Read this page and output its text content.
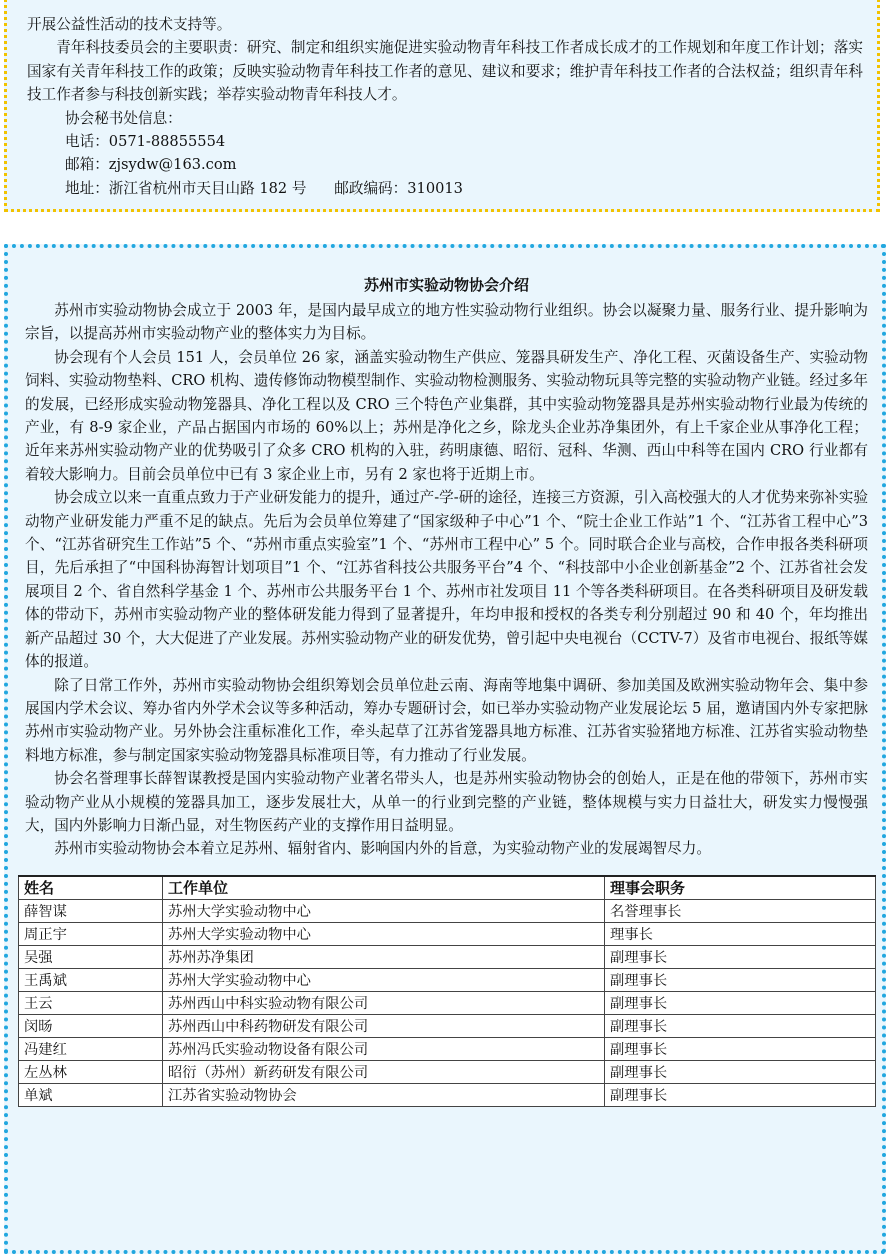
开展公益性活动的技术支持等。

青年科技委员会的主要职责：研究、制定和组织实施促进实验动物青年科技工作者成长成才的工作规划和年度工作计划；落实国家有关青年科技工作的政策；反映实验动物青年科技工作者的意见、建议和要求；维护青年科技工作者的合法权益；组织青年科技工作者参与科技创新实践；举荐实验动物青年科技人才。

协会秘书处信息：

电话：0571-88855554

邮箱：zjsydw@163.com

地址：浙江省杭州市天目山路 182 号      邮政编码：310013

苏州市实验动物协会介绍

苏州市实验动物协会成立于 2003 年，是国内最早成立的地方性实验动物行业组织。协会以凝聚力量、服务行业、提升影响为宗旨，以提高苏州市实验动物产业的整体实力为目标。

协会现有个人会员 151 人，会员单位 26 家，涵盖实验动物生产供应、笼器具研发生产、净化工程、灭菌设备生产、实验动物饲料、实验动物垫料、CRO 机构、遗传修饰动物模型制作、实验动物检测服务、实验动物玩具等完整的实验动物产业链。经过多年的发展，已经形成实验动物笼器具、净化工程以及 CRO 三个特色产业集群，其中实验动物笼器具是苏州实验动物行业最为传统的产业，有 8-9 家企业，产品占据国内市场的 60%以上；苏州是净化之乡，除龙头企业苏净集团外，有上千家企业从事净化工程；近年来苏州实验动物产业的优势吸引了众多 CRO 机构的入驻，药明康德、昭衍、冠科、华测、西山中科等在国内 CRO 行业都有着较大影响力。目前会员单位中已有 3 家企业上市，另有 2 家也将于近期上市。

协会成立以来一直重点致力于产业研发能力的提升，通过产-学-研的途径，连接三方资源，引入高校强大的人才优势来弥补实验动物产业研发能力严重不足的缺点。先后为会员单位筹建了“国家级种子中心”1 个、“院士企业工作站”1 个、“江苏省工程中心”3 个、“江苏省研究生工作站”5 个、“苏州市重点实验室”1 个、“苏州市工程中心” 5 个。同时联合企业与高校，合作申报各类科研项目，先后承担了“中国科协海智计划项目”1 个、“江苏省科技公共服务平台”4 个、“科技部中小企业创新基金”2 个、江苏省社会发展项目 2 个、省自然科学基金 1 个、苏州市公共服务平台 1 个、苏州市社发项目 11 个等各类科研项目。在各类科研项目及研发载体的带动下，苏州市实验动物产业的整体研发能力得到了显著提升，年均申报和授权的各类专利分别超过 90 和 40 个，年均推出新产品超过 30 个，大大促进了产业发展。苏州实验动物产业的研发优势，曾引起中央电视台（CCTV-7）及省市电视台、报纸等媒体的报道。

除了日常工作外，苏州市实验动物协会组织筹划会员单位赴云南、海南等地集中调研、参加美国及欧洲实验动物年会、集中参展国内学术会议、筹办省内外学术会议等多种活动，筹办专题研讨会，如已举办实验动物产业发展论坛 5 届，邀请国内外专家把脉苏州市实验动物产业。另外协会注重标准化工作，牵头起草了江苏省笼器具地方标准、江苏省实验猪地方标准、江苏省实验动物垫料地方标准，参与制定国家实验动物笼器具标准项目等，有力推动了行业发展。

协会名誉理事长薛智谋教授是国内实验动物产业著名带头人，也是苏州实验动物协会的创始人，正是在他的带领下，苏州市实验动物产业从小规模的笼器具加工，逐步发展壮大，从单一的行业到完整的产业链，整体规模与实力日益壮大，研发实力慢慢强大，国内外影响力日渐凸显，对生物医药产业的支撑作用日益明显。

苏州市实验动物协会本着立足苏州、辐射省内、影响国内外的旨意，为实验动物产业的发展竭智尽力。

姓名	工作单位	理事会职务
薛智谋	苏州大学实验动物中心	名誉理事长
周正宇	苏州大学实验动物中心	理事长
吴强	苏州苏净集团	副理事长
王禹斌	苏州大学实验动物中心	副理事长
王云	苏州西山中科实验动物有限公司	副理事长
闵旸	苏州西山中科药物研发有限公司	副理事长
冯建红	苏州冯氏实验动物设备有限公司	副理事长
左丛林	昭衍（苏州）新药研发有限公司	副理事长
单斌	江苏省实验动物协会	副理事长
